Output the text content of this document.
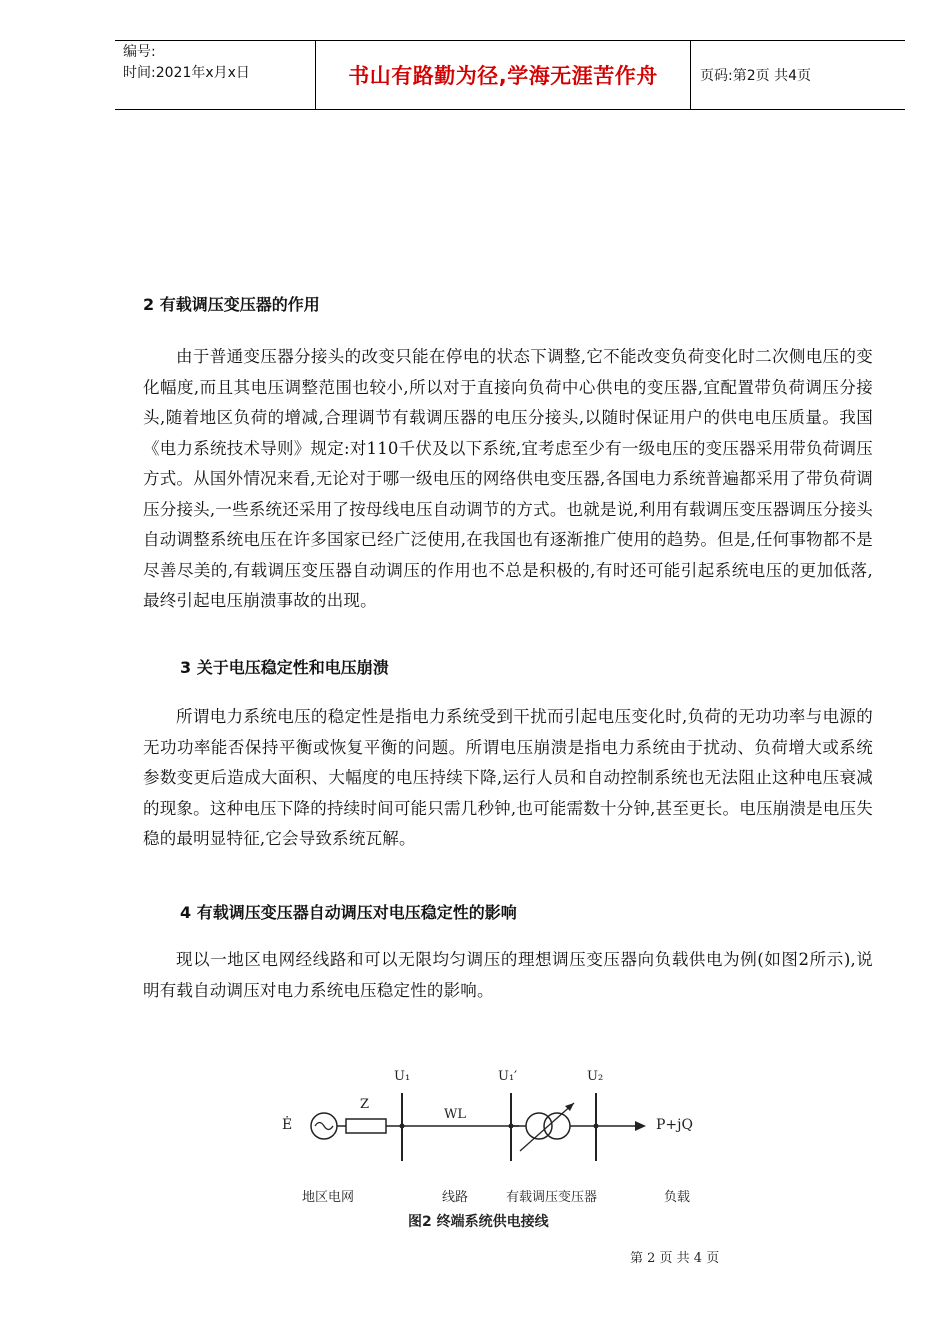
编号:
时间:2021年x月x日	书山有路勤为径,学海无涯苦作舟	页码:第2页 共4页
2 有载调压变压器的作用
由于普通变压器分接头的改变只能在停电的状态下调整,它不能改变负荷变化时二次侧电压的变化幅度,而且其电压调整范围也较小,所以对于直接向负荷中心供电的变压器,宜配置带负荷调压分接头,随着地区负荷的增减,合理调节有载调压器的电压分接头,以随时保证用户的供电电压质量。我国《电力系统技术导则》规定:对110千伏及以下系统,宜考虑至少有一级电压的变压器采用带负荷调压方式。从国外情况来看,无论对于哪一级电压的网络供电变压器,各国电力系统普遍都采用了带负荷调压分接头,一些系统还采用了按母线电压自动调节的方式。也就是说,利用有载调压变压器调压分接头自动调整系统电压在许多国家已经广泛使用,在我国也有逐渐推广使用的趋势。但是,任何事物都不是尽善尽美的,有载调压变压器自动调压的作用也不总是积极的,有时还可能引起系统电压的更加低落,最终引起电压崩溃事故的出现。
3 关于电压稳定性和电压崩溃
所谓电力系统电压的稳定性是指电力系统受到干扰而引起电压变化时,负荷的无功功率与电源的无功功率能否保持平衡或恢复平衡的问题。所谓电压崩溃是指电力系统由于扰动、负荷增大或系统参数变更后造成大面积、大幅度的电压持续下降,运行人员和自动控制系统也无法阻止这种电压衰减的现象。这种电压下降的持续时间可能只需几秒钟,也可能需数十分钟,甚至更长。电压崩溃是电压失稳的最明显特征,它会导致系统瓦解。
4 有载调压变压器自动调压对电压稳定性的影响
现以一地区电网经线路和可以无限均匀调压的理想调压变压器向负载供电为例(如图2所示),说明有载自动调压对电力系统电压稳定性的影响。
Ė
Z
WL
U₁	U₁′	U₂
P+jQ
地区电网	线路	有载调压变压器	负载
图2 终端系统供电接线
第 2 页 共 4 页
